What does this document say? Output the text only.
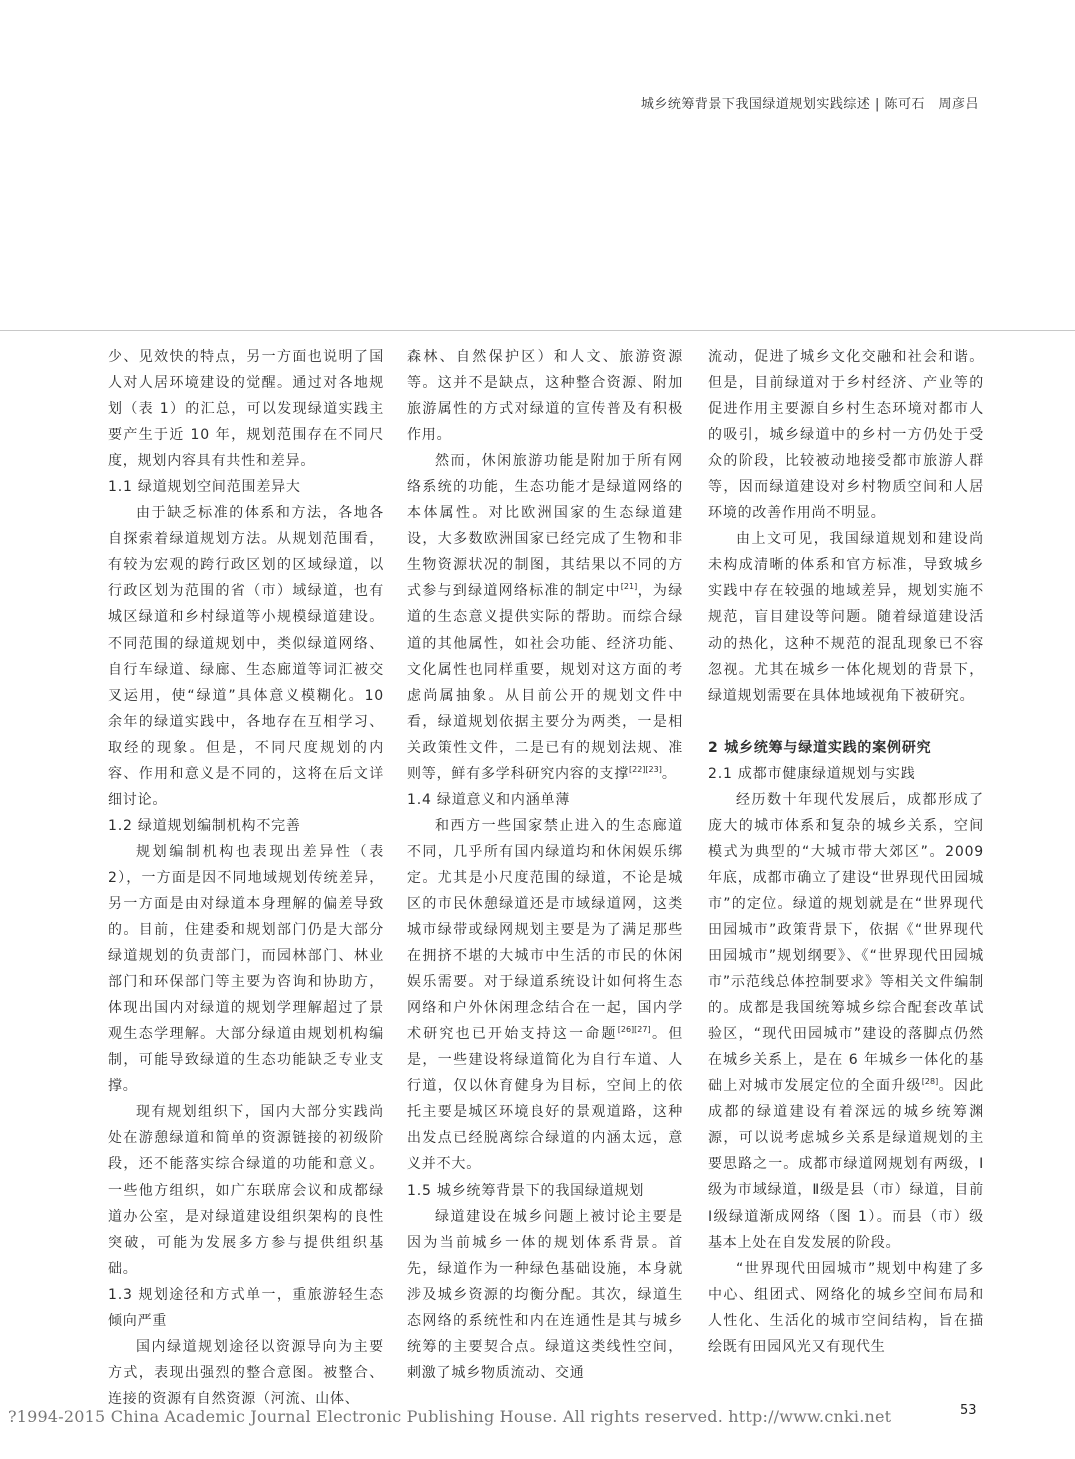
城乡统筹背景下我国绿道规划实践综述 | 陈可石　周彦吕

少、见效快的特点，另一方面也说明了国人对人居环境建设的觉醒。通过对各地规划（表 1）的汇总，可以发现绿道实践主要产生于近 10 年，规划范围存在不同尺度，规划内容具有共性和差异。

1.1 绿道规划空间范围差异大

由于缺乏标准的体系和方法，各地各自探索着绿道规划方法。从规划范围看，有较为宏观的跨行政区划的区域绿道，以行政区划为范围的省（市）域绿道，也有城区绿道和乡村绿道等小规模绿道建设。不同范围的绿道规划中，类似绿道网络、自行车绿道、绿廊、生态廊道等词汇被交叉运用，使“绿道”具体意义模糊化。10 余年的绿道实践中，各地存在互相学习、取经的现象。但是，不同尺度规划的内容、作用和意义是不同的，这将在后文详细讨论。

1.2 绿道规划编制机构不完善

规划编制机构也表现出差异性（表 2），一方面是因不同地域规划传统差异，另一方面是由对绿道本身理解的偏差导致的。目前，住建委和规划部门仍是大部分绿道规划的负责部门，而园林部门、林业部门和环保部门等主要为咨询和协助方，体现出国内对绿道的规划学理解超过了景观生态学理解。大部分绿道由规划机构编制，可能导致绿道的生态功能缺乏专业支撑。

现有规划组织下，国内大部分实践尚处在游憩绿道和简单的资源链接的初级阶段，还不能落实综合绿道的功能和意义。一些他方组织，如广东联席会议和成都绿道办公室，是对绿道建设组织架构的良性突破，可能为发展多方参与提供组织基础。

1.3 规划途径和方式单一，重旅游轻生态倾向严重

国内绿道规划途径以资源导向为主要方式，表现出强烈的整合意图。被整合、连接的资源有自然资源（河流、山体、

森林、自然保护区）和人文、旅游资源等。这并不是缺点，这种整合资源、附加旅游属性的方式对绿道的宣传普及有积极作用。

然而，休闲旅游功能是附加于所有网络系统的功能，生态功能才是绿道网络的本体属性。对比欧洲国家的生态绿道建设，大多数欧洲国家已经完成了生物和非生物资源状况的制图，其结果以不同的方式参与到绿道网络标准的制定中[21]，为绿道的生态意义提供实际的帮助。而综合绿道的其他属性，如社会功能、经济功能、文化属性也同样重要，规划对这方面的考虑尚属抽象。从目前公开的规划文件中看，绿道规划依据主要分为两类，一是相关政策性文件，二是已有的规划法规、准则等，鲜有多学科研究内容的支撑[22][23]。

1.4 绿道意义和内涵单薄

和西方一些国家禁止进入的生态廊道不同，几乎所有国内绿道均和休闲娱乐绑定。尤其是小尺度范围的绿道，不论是城区的市民休憩绿道还是市域绿道网，这类城市绿带或绿网规划主要是为了满足那些在拥挤不堪的大城市中生活的市民的休闲娱乐需要。对于绿道系统设计如何将生态网络和户外休闲理念结合在一起，国内学术研究也已开始支持这一命题[26][27]。但是，一些建设将绿道简化为自行车道、人行道，仅以休育健身为目标，空间上的依托主要是城区环境良好的景观道路，这种出发点已经脱离综合绿道的内涵太远，意义并不大。

1.5 城乡统筹背景下的我国绿道规划

绿道建设在城乡问题上被讨论主要是因为当前城乡一体的规划体系背景。首先，绿道作为一种绿色基础设施，本身就涉及城乡资源的均衡分配。其次，绿道生态网络的系统性和内在连通性是其与城乡统筹的主要契合点。绿道这类线性空间，刺激了城乡物质流动、交通

流动，促进了城乡文化交融和社会和谐。但是，目前绿道对于乡村经济、产业等的促进作用主要源自乡村生态环境对都市人的吸引，城乡绿道中的乡村一方仍处于受众的阶段，比较被动地接受都市旅游人群等，因而绿道建设对乡村物质空间和人居环境的改善作用尚不明显。

由上文可见，我国绿道规划和建设尚未构成清晰的体系和官方标准，导致城乡实践中存在较强的地域差异，规划实施不规范，盲目建设等问题。随着绿道建设活动的热化，这种不规范的混乱现象已不容忽视。尤其在城乡一体化规划的背景下，绿道规划需要在具体地域视角下被研究。

2 城乡统筹与绿道实践的案例研究
2.1 成都市健康绿道规划与实践

经历数十年现代发展后，成都形成了庞大的城市体系和复杂的城乡关系，空间模式为典型的“大城市带大郊区”。2009 年底，成都市确立了建设“世界现代田园城市”的定位。绿道的规划就是在“世界现代田园城市”政策背景下，依据《“世界现代田园城市”规划纲要》、《“世界现代田园城市”示范线总体控制要求》等相关文件编制的。成都是我国统筹城乡综合配套改革试验区，“现代田园城市”建设的落脚点仍然在城乡关系上，是在 6 年城乡一体化的基础上对城市发展定位的全面升级[28]。因此成都的绿道建设有着深远的城乡统筹渊源，可以说考虑城乡关系是绿道规划的主要思路之一。成都市绿道网规划有两级，Ⅰ级为市域绿道，Ⅱ级是县（市）绿道，目前Ⅰ级绿道渐成网络（图 1）。而县（市）级基本上处在自发发展的阶段。

“世界现代田园城市”规划中构建了多中心、组团式、网络化的城乡空间布局和人性化、生活化的城市空间结构，旨在描绘既有田园风光又有现代生

?1994-2015 China Academic Journal Electronic Publishing House. All rights reserved. http://www.cnki.net	53
